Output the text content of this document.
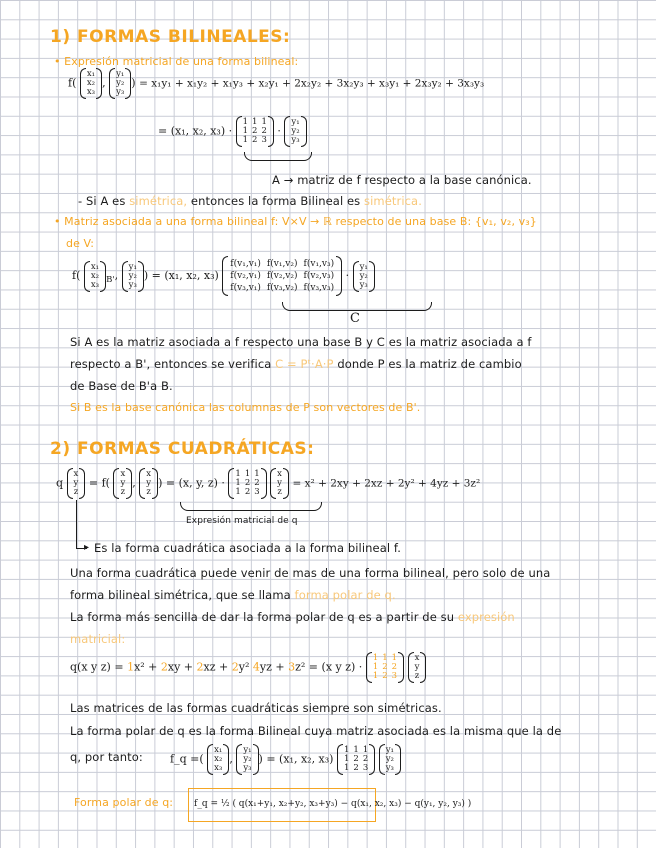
1) FORMAS BILINEALES:
• Expresión matricial de una forma bilineal:
f(
x₁
x₂
x₃
,
y₁
y₂
y₃
) = x₁y₁ + x₁y₂ + x₁y₃ + x₂y₁ + 2x₂y₂ + 3x₂y₃ + x₃y₁ + 2x₃y₂ + 3x₃y₃
= (x₁, x₂, x₃) ·
1	1	1
1	2	2
1	2	3
·
y₁
y₂
y₃
A → matriz de f respecto a la base canónica.
- Si A es simétrica, entonces la forma Bilineal es simétrica.
• Matriz asociada a una forma bilineal f: V×V → ℝ respecto de una base B: {v₁, v₂, v₃}
de V:
f(
x₁
x₂
x₃ $_{B'}$,
y₁
y₂
y₃
) = (x₁, x₂, x₃)
f(v₁,v₁)	f(v₁,v₂)	f(v₁,v₃)
f(v₂,v₁)	f(v₂,v₂)	f(v₂,v₃)
f(v₃,v₁)	f(v₃,v₂)	f(v₃,v₃)
·
y₁
y₂
y₃
C
Si A es la matriz asociada a f respecto una base B y C es la matriz asociada a f
respecto a B', entonces se verifica C = Pᵗ·A·P donde P es la matriz de cambio
de Base de B'a B.
Si B es la base canónica las columnas de P son vectores de B'.
2) FORMAS CUADRÁTICAS:
q
x
y
z
= f(
x
y
z
,
x
y
z
) = (x, y, z) ·
1	1	1
1	2	2
1	2	3

x
y
z
= x² + 2xy + 2xz + 2y² + 4yz + 3z²
Expresión matricial de q
▸ Es la forma cuadrática asociada a la forma bilineal f.
Una forma cuadrática puede venir de mas de una forma bilineal, pero solo de una
forma bilineal simétrica, que se llama forma polar de q.
La forma más sencilla de dar la forma polar de q es a partir de su expresión
matricial:
q(x y z) = 1x² + 2xy + 2xz + 2y² 4yz + 3z² = (x y z) ·
1	1	1
1	2	2
1	2	3

x
y
z
Las matrices de las formas cuadráticas siempre son simétricas.
La forma polar de q es la forma Bilineal cuya matriz asociada es la misma que la de
q, por tanto: f_q =(
x₁
x₂
x₃
,
y₁
y₂
y₃
) = (x₁, x₂, x₃)
1	1	1
1	2	2
1	2	3

y₁
y₂
y₃
Forma polar de q: f_q = ½ ( q(x₁+y₁, x₂+y₂, x₃+y₃) − q(x₁, x₂, x₃) − q(y₁, y₂, y₃) )
